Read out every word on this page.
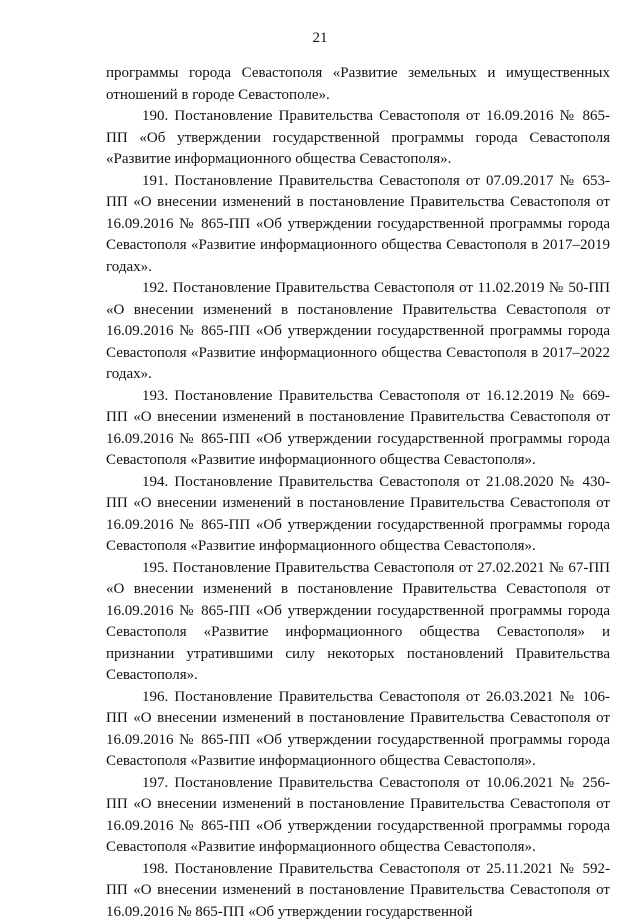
21

программы города Севастополя «Развитие земельных и имущественных отношений в городе Севастополе».

190. Постановление Правительства Севастополя от 16.09.2016 № 865-ПП «Об утверждении государственной программы города Севастополя «Развитие информационного общества Севастополя».

191. Постановление Правительства Севастополя от 07.09.2017 № 653-ПП «О внесении изменений в постановление Правительства Севастополя от 16.09.2016 № 865-ПП «Об утверждении государственной программы города Севастополя «Развитие информационного общества Севастополя в 2017–2019 годах».

192. Постановление Правительства Севастополя от 11.02.2019 № 50-ПП «О внесении изменений в постановление Правительства Севастополя от 16.09.2016 № 865-ПП «Об утверждении государственной программы города Севастополя «Развитие информационного общества Севастополя в 2017–2022 годах».

193. Постановление Правительства Севастополя от 16.12.2019 № 669-ПП «О внесении изменений в постановление Правительства Севастополя от 16.09.2016 № 865-ПП «Об утверждении государственной программы города Севастополя «Развитие информационного общества Севастополя».

194. Постановление Правительства Севастополя от 21.08.2020 № 430-ПП «О внесении изменений в постановление Правительства Севастополя от 16.09.2016 № 865-ПП «Об утверждении государственной программы города Севастополя «Развитие информационного общества Севастополя».

195. Постановление Правительства Севастополя от 27.02.2021 № 67-ПП «О внесении изменений в постановление Правительства Севастополя от 16.09.2016 № 865-ПП «Об утверждении государственной программы города Севастополя «Развитие информационного общества Севастополя» и признании утратившими силу некоторых постановлений Правительства Севастополя».

196. Постановление Правительства Севастополя от 26.03.2021 № 106-ПП «О внесении изменений в постановление Правительства Севастополя от 16.09.2016 № 865-ПП «Об утверждении государственной программы города Севастополя «Развитие информационного общества Севастополя».

197. Постановление Правительства Севастополя от 10.06.2021 № 256-ПП «О внесении изменений в постановление Правительства Севастополя от 16.09.2016 № 865-ПП «Об утверждении государственной программы города Севастополя «Развитие информационного общества Севастополя».

198. Постановление Правительства Севастополя от 25.11.2021 № 592-ПП «О внесении изменений в постановление Правительства Севастополя от 16.09.2016 № 865-ПП «Об утверждении государственной
